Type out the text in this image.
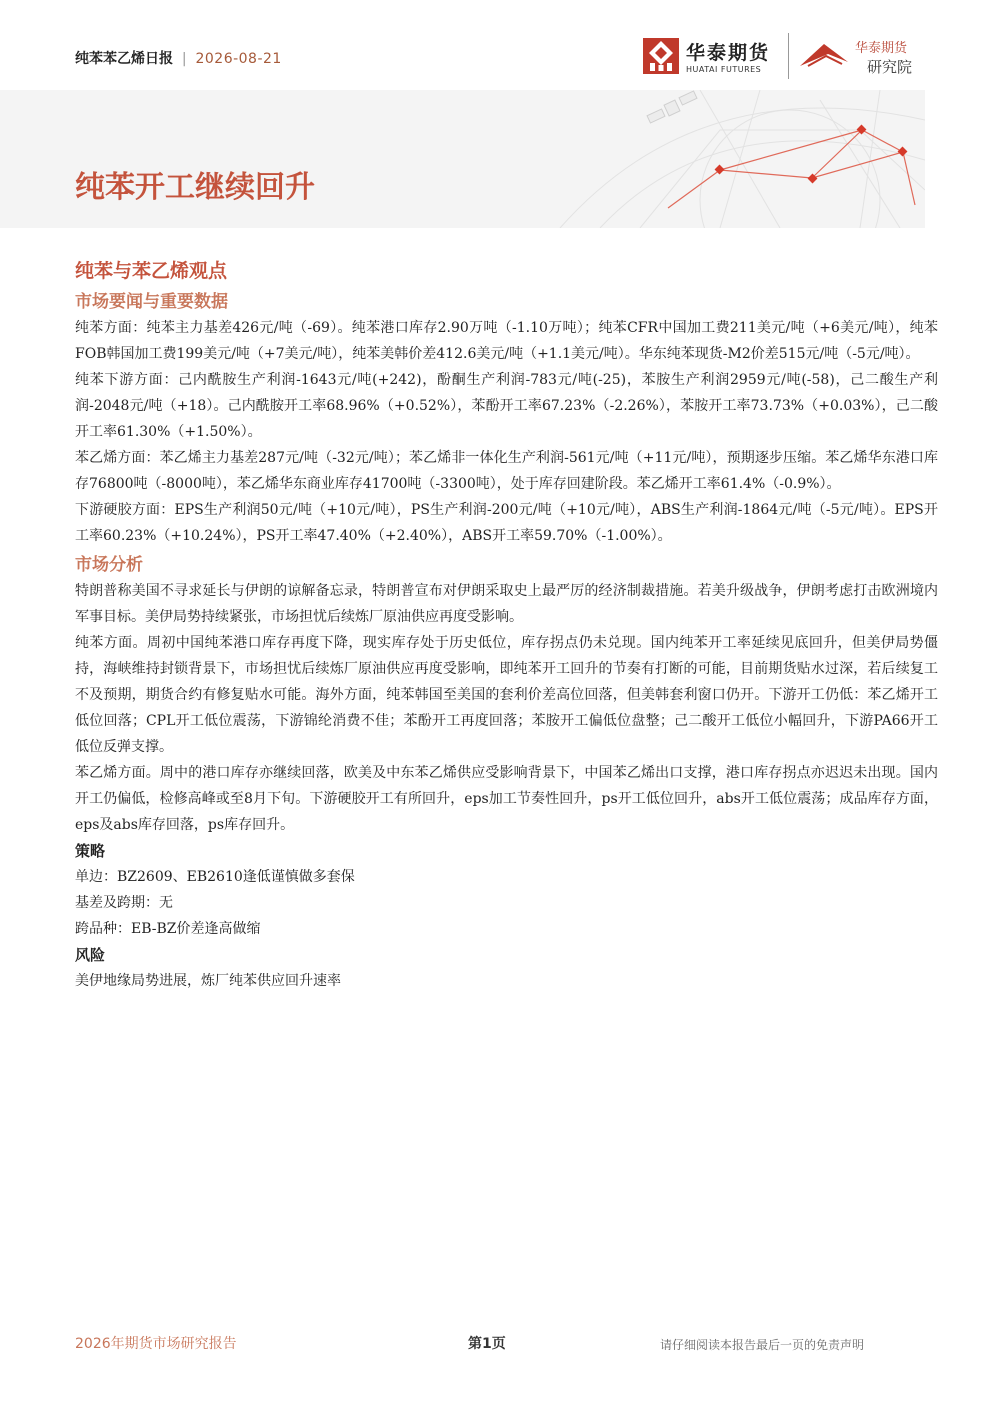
纯苯苯乙烯日报 | 2026-08-21	华泰期货
HUATAI FUTURES
华泰期货
研究院
纯苯开工继续回升
纯苯与苯乙烯观点
市场要闻与重要数据

纯苯方面：纯苯主力基差426元/吨（-69）。纯苯港口库存2.90万吨（-1.10万吨）；纯苯CFR中国加工费211美元/吨（+6美元/吨），纯苯FOB韩国加工费199美元/吨（+7美元/吨），纯苯美韩价差412.6美元/吨（+1.1美元/吨）。华东纯苯现货-M2价差515元/吨（-5元/吨）。

纯苯下游方面：己内酰胺生产利润-1643元/吨(+242)，酚酮生产利润-783元/吨(-25)，苯胺生产利润2959元/吨(-58)，己二酸生产利润-2048元/吨（+18）。己内酰胺开工率68.96%（+0.52%），苯酚开工率67.23%（-2.26%），苯胺开工率73.73%（+0.03%），己二酸开工率61.30%（+1.50%）。

苯乙烯方面：苯乙烯主力基差287元/吨（-32元/吨）；苯乙烯非一体化生产利润-561元/吨（+11元/吨），预期逐步压缩。苯乙烯华东港口库存76800吨（-8000吨），苯乙烯华东商业库存41700吨（-3300吨），处于库存回建阶段。苯乙烯开工率61.4%（-0.9%）。

下游硬胶方面：EPS生产利润50元/吨（+10元/吨），PS生产利润-200元/吨（+10元/吨），ABS生产利润-1864元/吨（-5元/吨）。EPS开工率60.23%（+10.24%），PS开工率47.40%（+2.40%），ABS开工率59.70%（-1.00%）。

市场分析

特朗普称美国不寻求延长与伊朗的谅解备忘录，特朗普宣布对伊朗采取史上最严厉的经济制裁措施。若美升级战争，伊朗考虑打击欧洲境内军事目标。美伊局势持续紧张，市场担忧后续炼厂原油供应再度受影响。

纯苯方面。周初中国纯苯港口库存再度下降，现实库存处于历史低位，库存拐点仍未兑现。国内纯苯开工率延续见底回升，但美伊局势僵持，海峡维持封锁背景下，市场担忧后续炼厂原油供应再度受影响，即纯苯开工回升的节奏有打断的可能，目前期货贴水过深，若后续复工不及预期，期货合约有修复贴水可能。海外方面，纯苯韩国至美国的套利价差高位回落，但美韩套利窗口仍开。下游开工仍低：苯乙烯开工低位回落；CPL开工低位震荡，下游锦纶消费不佳；苯酚开工再度回落；苯胺开工偏低位盘整；己二酸开工低位小幅回升，下游PA66开工低位反弹支撑。

苯乙烯方面。周中的港口库存亦继续回落，欧美及中东苯乙烯供应受影响背景下，中国苯乙烯出口支撑，港口库存拐点亦迟迟未出现。国内开工仍偏低，检修高峰或至8月下旬。下游硬胶开工有所回升，eps加工节奏性回升，ps开工低位回升，abs开工低位震荡；成品库存方面，eps及abs库存回落，ps库存回升。

策略

单边：BZ2609、EB2610逢低谨慎做多套保

基差及跨期：无

跨品种：EB-BZ价差逢高做缩

风险

美伊地缘局势进展，炼厂纯苯供应回升速率

2026年期货市场研究报告	第1页	请仔细阅读本报告最后一页的免责声明
